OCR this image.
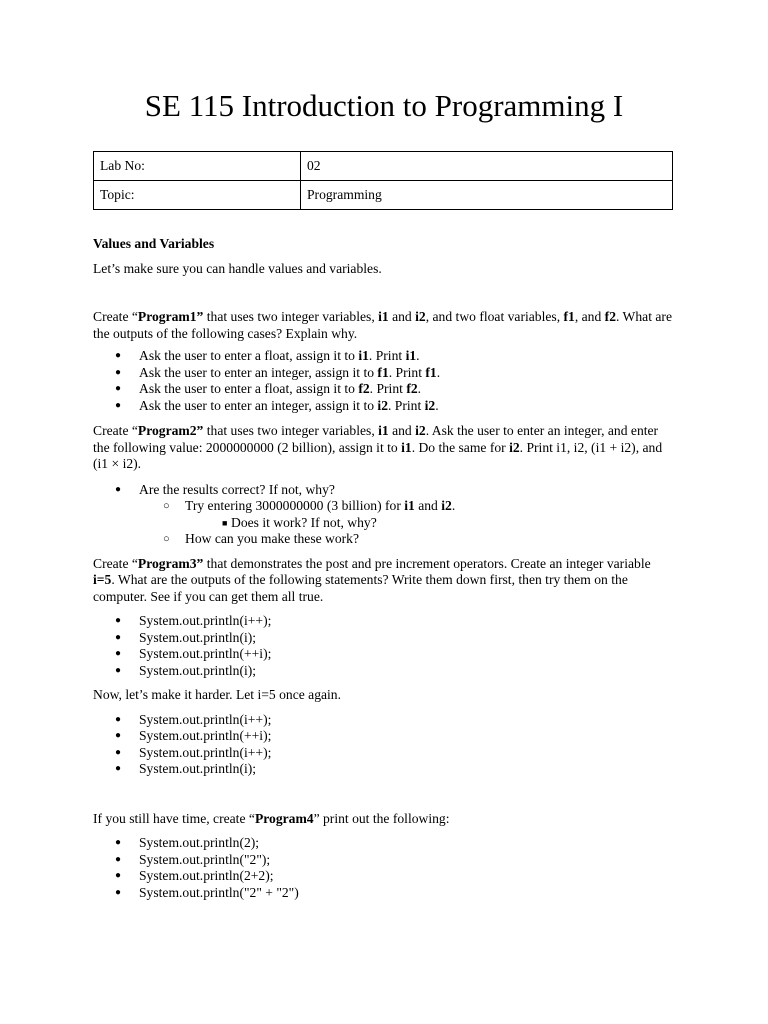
SE 115 Introduction to Programming I
Lab No:	02
Topic:	Programming

Values and Variables

Let’s make sure you can handle values and variables.

Create “Program1” that uses two integer variables, i1 and i2, and two float variables, f1, and f2. What are the outputs of the following cases? Explain why.

● Ask the user to enter a float, assign it to i1. Print i1.
● Ask the user to enter an integer, assign it to f1. Print f1.
● Ask the user to enter a float, assign it to f2. Print f2.
● Ask the user to enter an integer, assign it to i2. Print i2.

Create “Program2” that uses two integer variables, i1 and i2. Ask the user to enter an integer, and enter the following value: 2000000000 (2 billion), assign it to i1. Do the same for i2. Print i1, i2, (i1 + i2), and (i1 × i2).

● Are the results correct? If not, why?
○ Try entering 3000000000 (3 billion) for i1 and i2.
■ Does it work? If not, why?
○ How can you make these work?

Create “Program3” that demonstrates the post and pre increment operators. Create an integer variable i=5. What are the outputs of the following statements? Write them down first, then try them on the computer. See if you can get them all true.

● System.out.println(i++);
● System.out.println(i);
● System.out.println(++i);
● System.out.println(i);

Now, let’s make it harder. Let i=5 once again.

● System.out.println(i++);
● System.out.println(++i);
● System.out.println(i++);
● System.out.println(i);

If you still have time, create “Program4” print out the following:

● System.out.println(2);
● System.out.println("2");
● System.out.println(2+2);
● System.out.println("2" + "2")
